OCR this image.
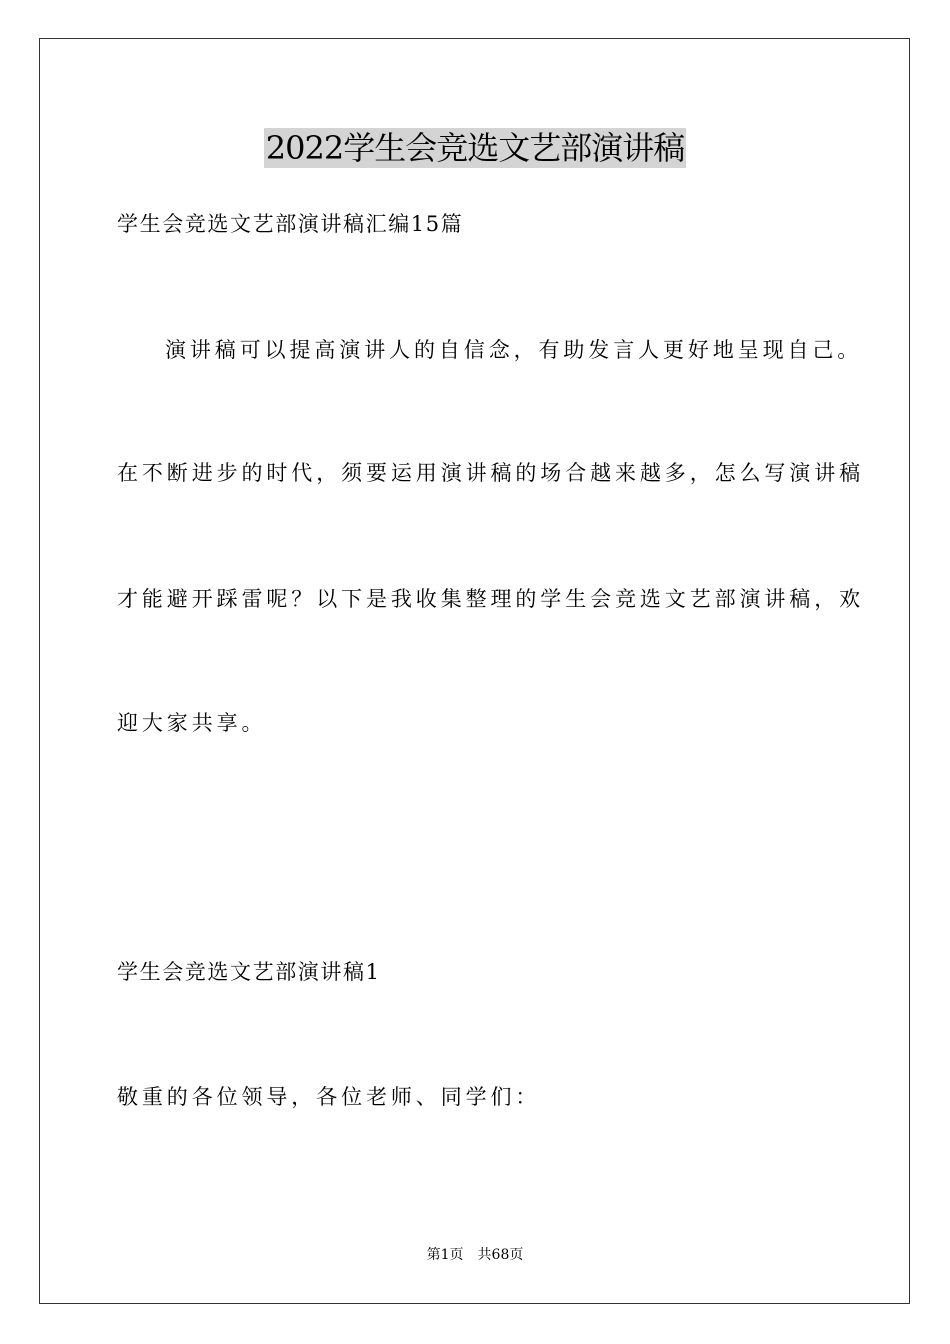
2022学生会竞选文艺部演讲稿
学生会竞选文艺部演讲稿汇编15篇
演讲稿可以提高演讲人的自信念，有助发言人更好地呈现自己。
在不断进步的时代，须要运用演讲稿的场合越来越多，怎么写演讲稿
才能避开踩雷呢？以下是我收集整理的学生会竞选文艺部演讲稿，欢
迎大家共享。
学生会竞选文艺部演讲稿1
敬重的各位领导，各位老师、同学们：
第1页　共68页
